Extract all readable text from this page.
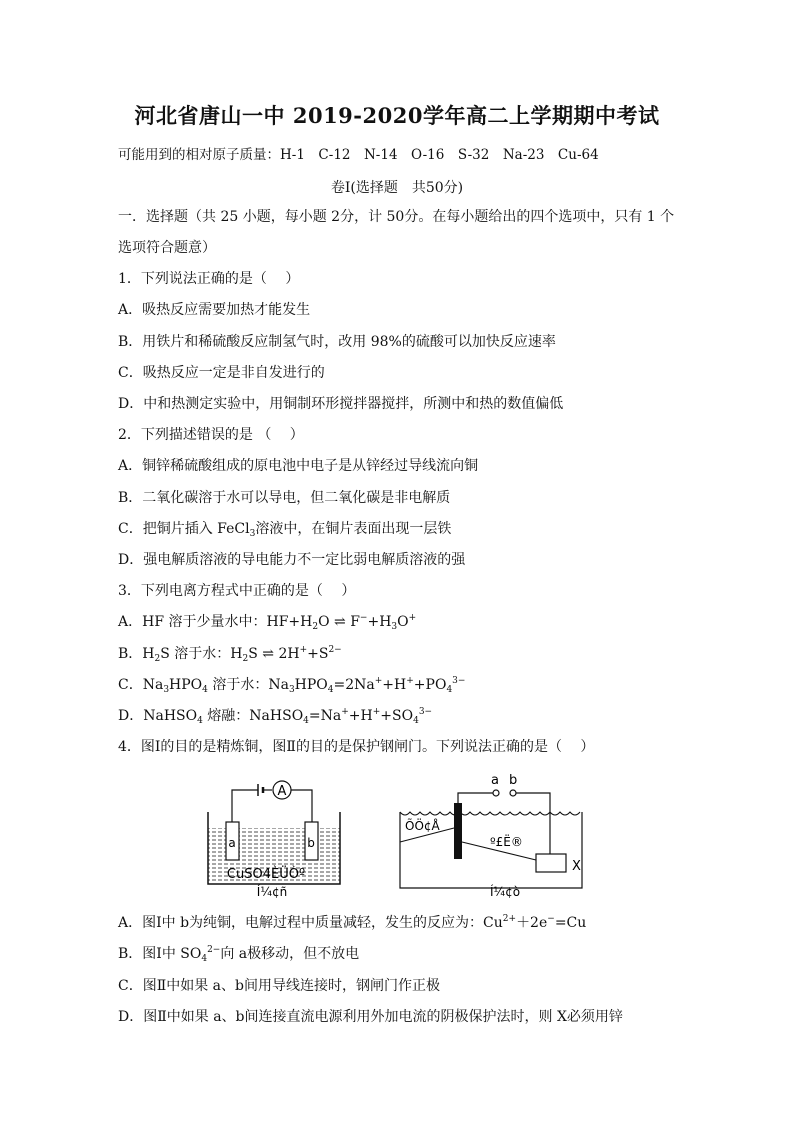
河北省唐山一中 2019-2020学年高二上学期期中考试
可能用到的相对原子质量：H-1　C-12　N-14　O-16　S-32　Na-23　Cu-64
卷Ⅰ(选择题　共50分)
一．选择题（共 25 小题，每小题 2分，计 50分。在每小题给出的四个选项中，只有 1 个
选项符合题意）
1．下列说法正确的是（　 ）
A．吸热反应需要加热才能发生
B．用铁片和稀硫酸反应制氢气时，改用 98%的硫酸可以加快反应速率
C．吸热反应一定是非自发进行的
D．中和热测定实验中，用铜制环形搅拌器搅拌，所测中和热的数值偏低
2．下列描述错误的是 （　 ）
A．铜锌稀硫酸组成的原电池中电子是从锌经过导线流向铜
B．二氧化碳溶于水可以导电，但二氧化碳是非电解质
C．把铜片插入 FeCl$_3$溶液中，在铜片表面出现一层铁
D．强电解质溶液的导电能力不一定比弱电解质溶液的强
3．下列电离方程式中正确的是（　 ）
A．HF 溶于少量水中：$HF+H_2O$ ⇌ $F^-+H_3O^+$
B．$H_2S$ 溶于水：$H_2S$ ⇌ $2H^++S^{2-}$
C．$Na_3HPO_4$ 溶于水：$Na_3HPO_4=2Na^++H^++PO_4^{3-}$
D．NaHSO$_4$ 熔融：$NaHSO_4=Na^++H^++SO_4^{3-}$
4．图Ⅰ的目的是精炼铜，图Ⅱ的目的是保护钢闸门。下列说法正确的是（　 ）
A
a	b
CuSO4ÈÜÒº
Í¼¢ñ
a b
ÕÖ¢Å
º£Ë®
X
Í¼¢ò
A．图Ⅰ中 b为纯铜，电解过程中质量减轻，发生的反应为：$Cu^{2+}+2e^-=Cu$
B．图Ⅰ中 $SO_4^{2-}$向 a极移动，但不放电
C．图Ⅱ中如果 a、b间用导线连接时，钢闸门作正极
D．图Ⅱ中如果 a、b间连接直流电源利用外加电流的阴极保护法时，则 X必须用锌
